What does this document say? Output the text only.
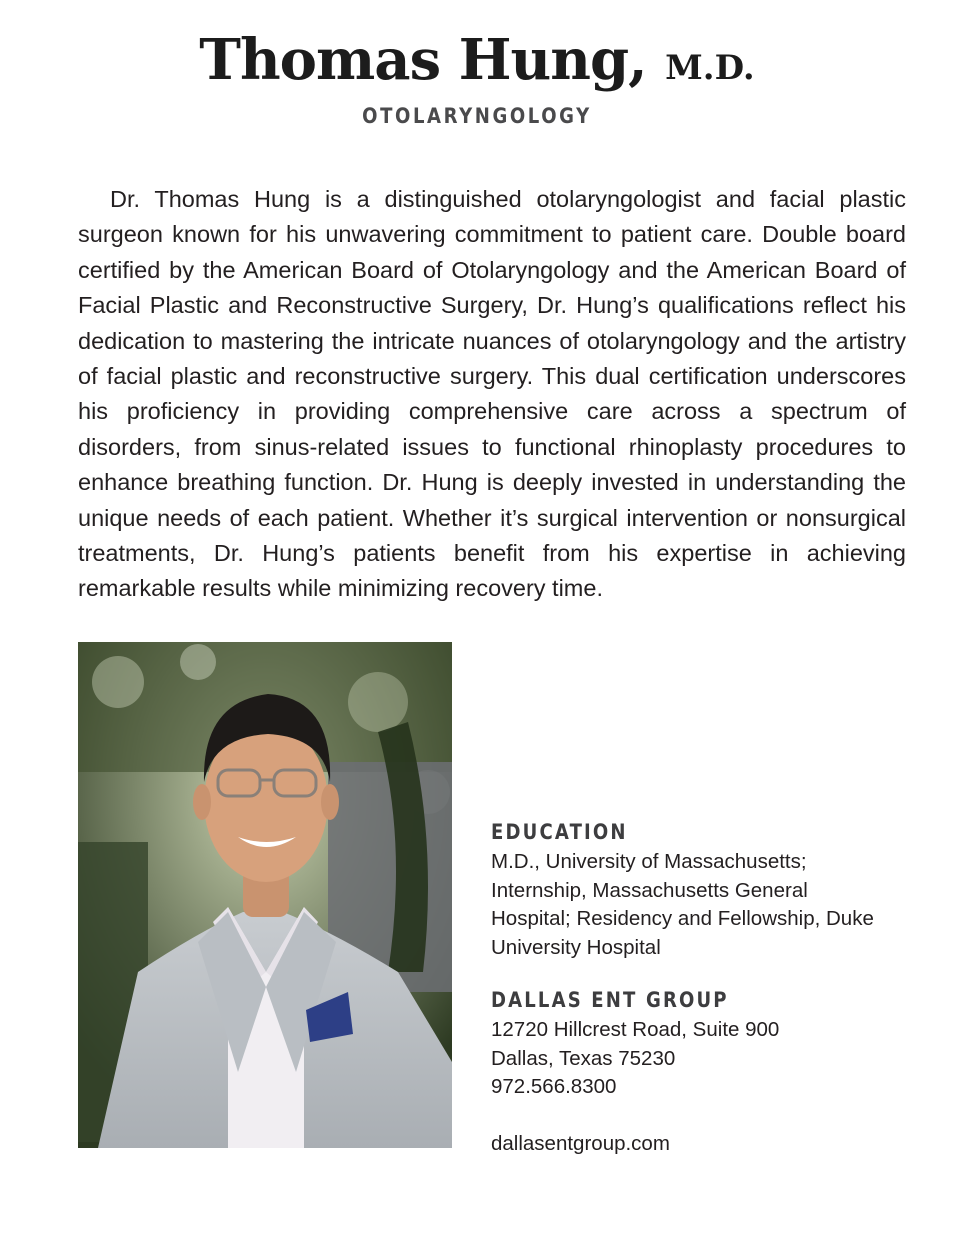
Thomas Hung, M.D.
OTOLARYNGOLOGY

Dr. Thomas Hung is a distinguished otolaryngologist and facial plastic surgeon known for his unwavering commitment to patient care. Double board certified by the American Board of Otolaryngology and the American Board of Facial Plastic and Reconstructive Surgery, Dr. Hung’s qualifications reflect his dedication to mastering the intricate nuances of otolaryngology and the artistry of facial plastic and reconstructive surgery. This dual certification underscores his proficiency in providing comprehensive care across a spectrum of disorders, from sinus-related issues to functional rhinoplasty procedures to enhance breathing function. Dr. Hung is deeply invested in understanding the unique needs of each patient. Whether it’s surgical intervention or nonsurgical treatments, Dr. Hung’s patients benefit from his expertise in achieving remarkable results while minimizing recovery time.

EDUCATION

M.D., University of Massachusetts;

Internship, Massachusetts General

Hospital; Residency and Fellowship, Duke

University Hospital

DALLAS ENT GROUP

12720 Hillcrest Road, Suite 900

Dallas, Texas 75230

972.566.8300

dallasentgroup.com
